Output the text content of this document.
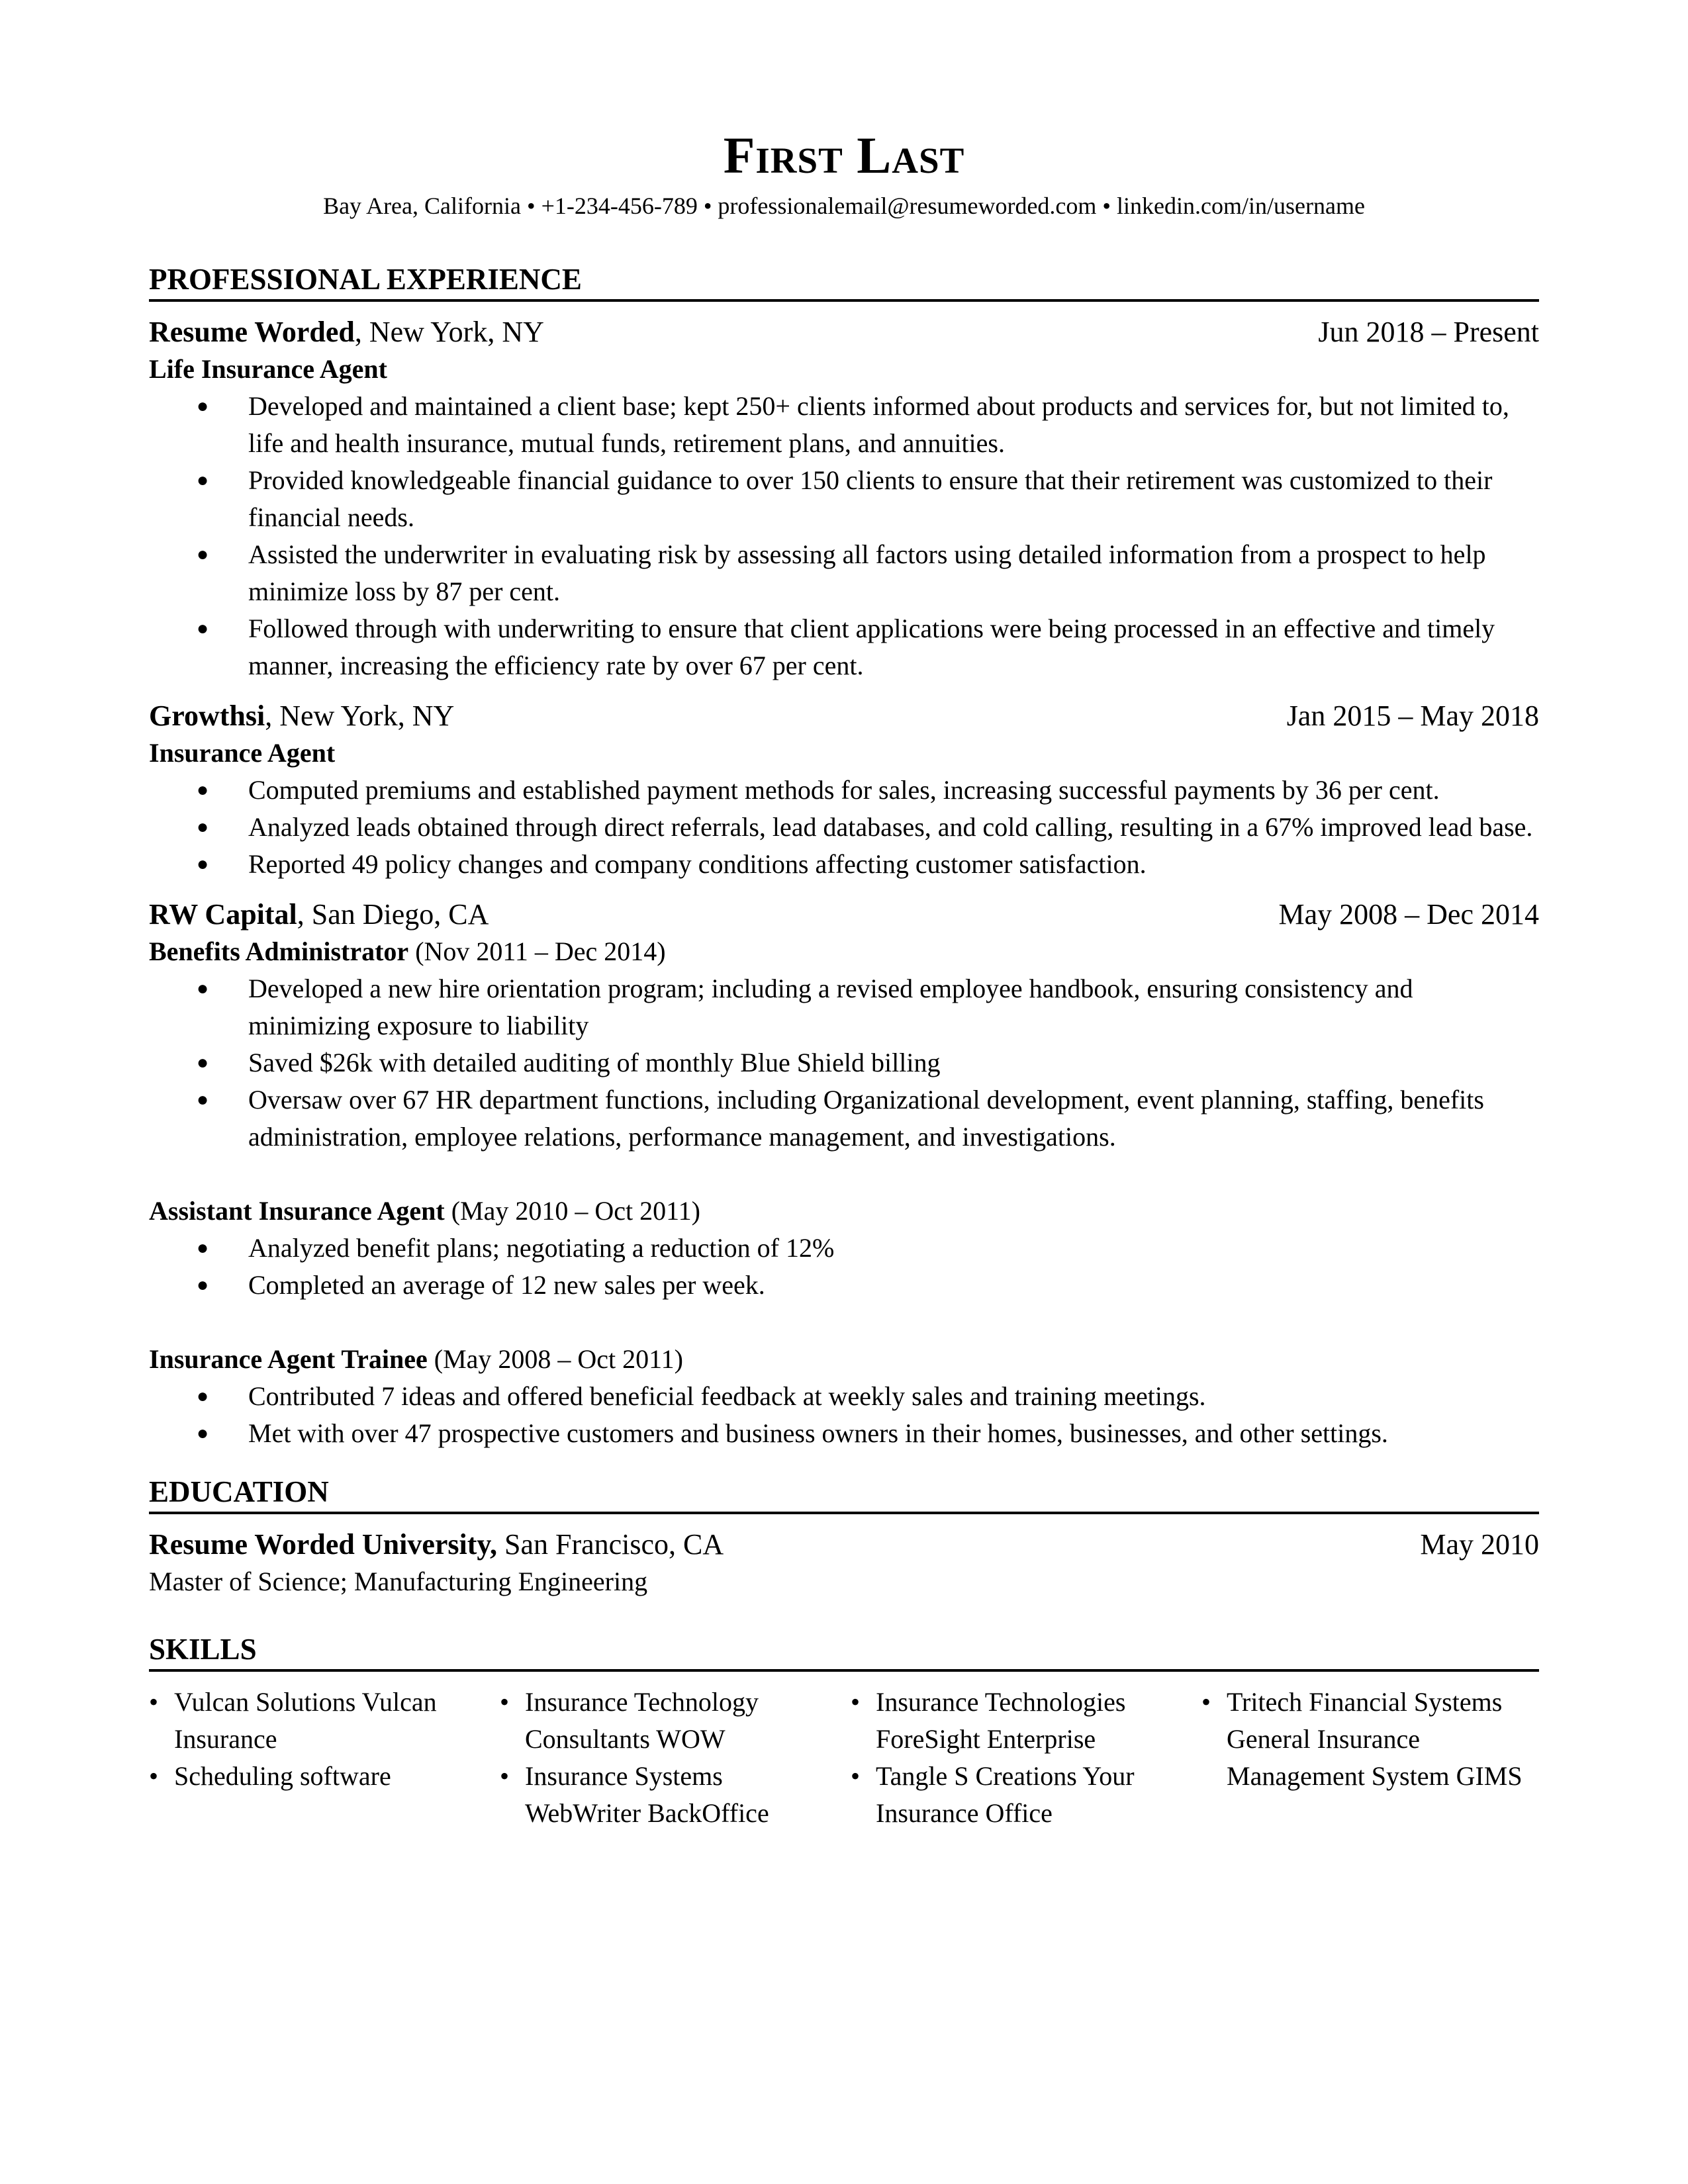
First Last
Bay Area, California • +1-234-456-789 • professionalemail@resumeworded.com • linkedin.com/in/username
PROFESSIONAL EXPERIENCE
Resume Worded, New York, NY	Jun 2018 – Present
Life Insurance Agent
● Developed and maintained a client base; kept 250+ clients informed about products and services for, but not limited to, life and health insurance, mutual funds, retirement plans, and annuities.
● Provided knowledgeable financial guidance to over 150 clients to ensure that their retirement was customized to their financial needs.
● Assisted the underwriter in evaluating risk by assessing all factors using detailed information from a prospect to help minimize loss by 87 per cent.
● Followed through with underwriting to ensure that client applications were being processed in an effective and timely manner, increasing the efficiency rate by over 67 per cent.
Growthsi, New York, NY	Jan 2015 – May 2018
Insurance Agent
● Computed premiums and established payment methods for sales, increasing successful payments by 36 per cent.
● Analyzed leads obtained through direct referrals, lead databases, and cold calling, resulting in a 67% improved lead base.
● Reported 49 policy changes and company conditions affecting customer satisfaction.
RW Capital, San Diego, CA	May 2008 – Dec 2014
Benefits Administrator (Nov 2011 – Dec 2014)
● Developed a new hire orientation program; including a revised employee handbook, ensuring consistency and minimizing exposure to liability
● Saved $26k with detailed auditing of monthly Blue Shield billing
● Oversaw over 67 HR department functions, including Organizational development, event planning, staffing, benefits administration, employee relations, performance management, and investigations.
Assistant Insurance Agent (May 2010 – Oct 2011)
● Analyzed benefit plans; negotiating a reduction of 12%
● Completed an average of 12 new sales per week.
Insurance Agent Trainee (May 2008 – Oct 2011)
● Contributed 7 ideas and offered beneficial feedback at weekly sales and training meetings.
● Met with over 47 prospective customers and business owners in their homes, businesses, and other settings.
EDUCATION
Resume Worded University, San Francisco, CA	May 2010
Master of Science; Manufacturing Engineering
SKILLS
• Vulcan Solutions Vulcan Insurance
• Scheduling software
• Insurance Technology Consultants WOW
• Insurance Systems WebWriter BackOffice
• Insurance Technologies ForeSight Enterprise
• Tangle S Creations Your Insurance Office
• Tritech Financial Systems General Insurance Management System GIMS
